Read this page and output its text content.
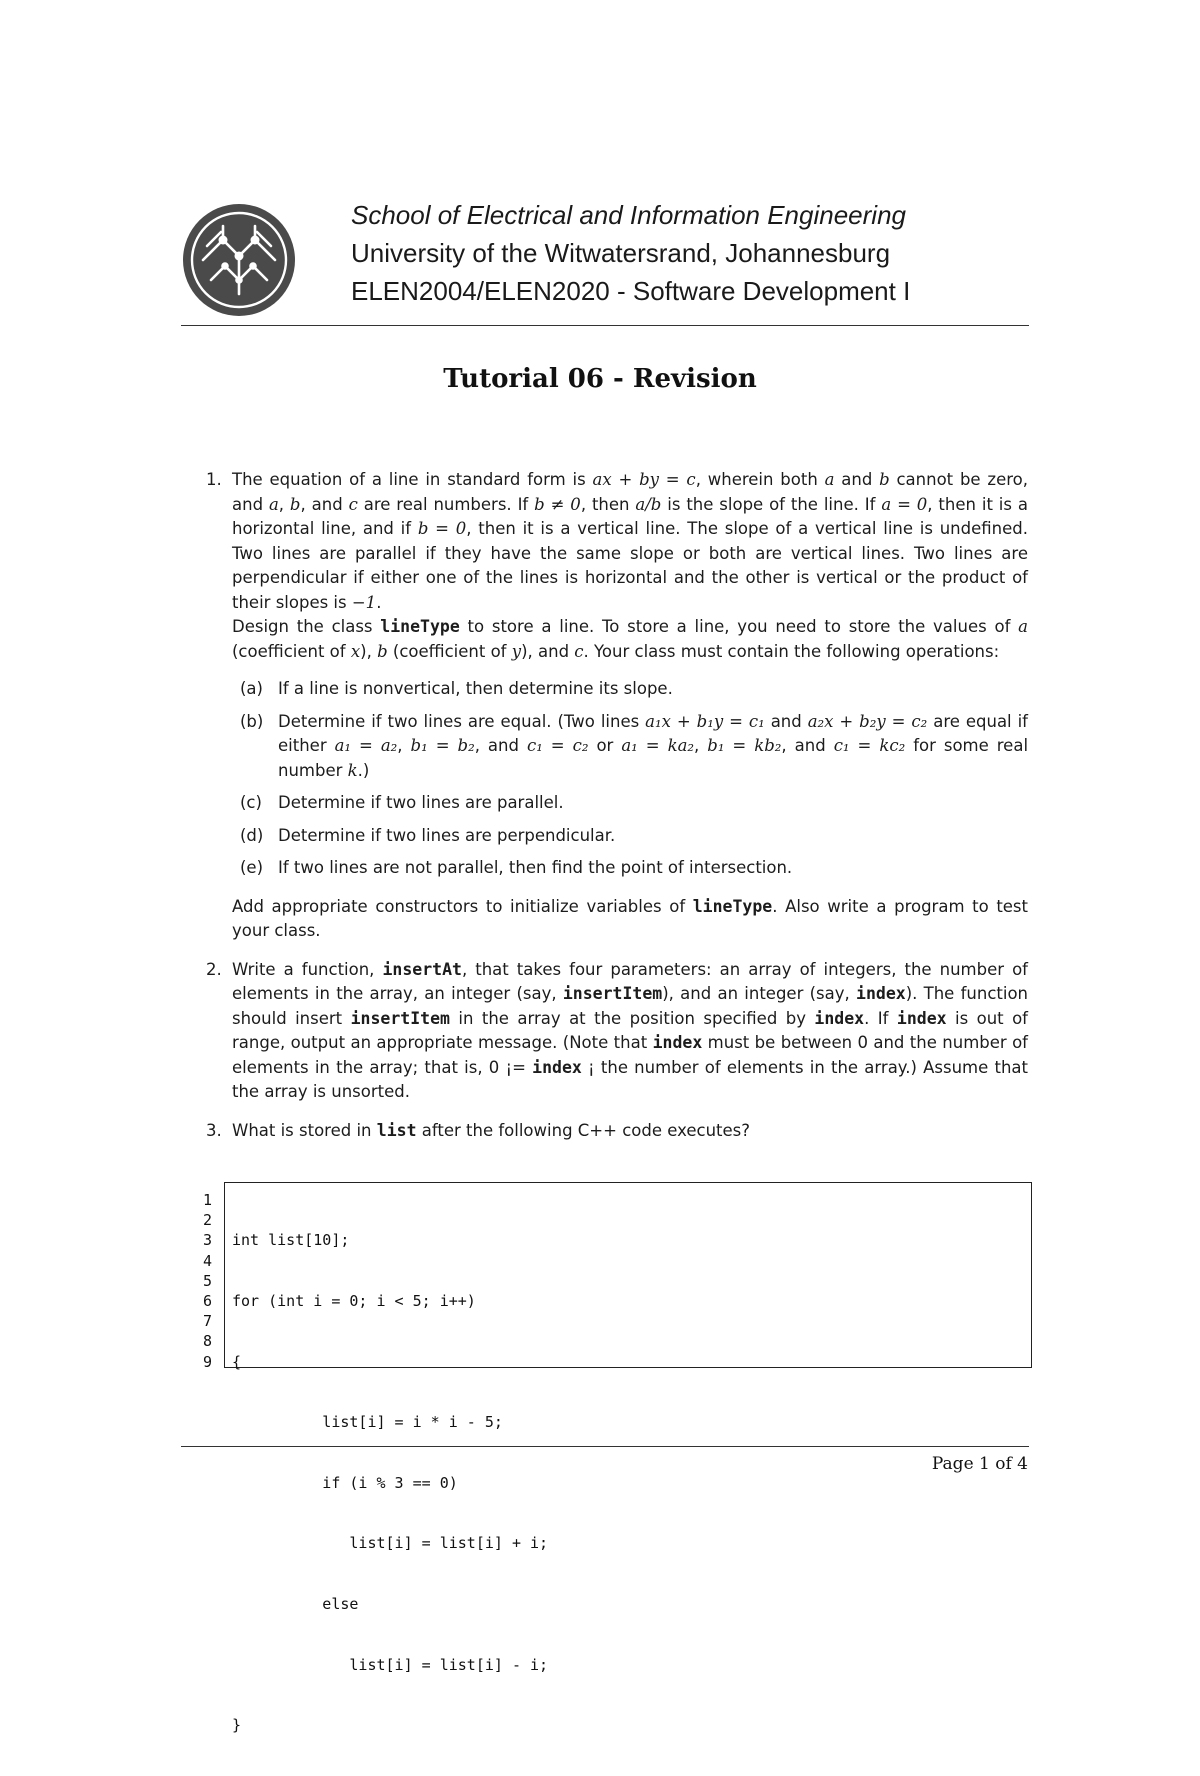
School of Electrical and Information Engineering
University of the Witwatersrand, Johannesburg
ELEN2004/ELEN2020 - Software Development I
Tutorial 06 - Revision
1. The equation of a line in standard form is ax + by = c, wherein both a and b cannot be zero, and a, b, and c are real numbers. If b ≠ 0, then a/b is the slope of the line. If a = 0, then it is a horizontal line, and if b = 0, then it is a vertical line. The slope of a vertical line is undefined. Two lines are parallel if they have the same slope or both are vertical lines. Two lines are perpendicular if either one of the lines is horizontal and the other is vertical or the product of their slopes is −1.

Design the class lineType to store a line. To store a line, you need to store the values of a (coefficient of x), b (coefficient of y), and c. Your class must contain the following operations:

(a) If a line is nonvertical, then determine its slope.
(b) Determine if two lines are equal. (Two lines a₁x + b₁y = c₁ and a₂x + b₂y = c₂ are equal if either a₁ = a₂, b₁ = b₂, and c₁ = c₂ or a₁ = ka₂, b₁ = kb₂, and c₁ = kc₂ for some real number k.)
(c) Determine if two lines are parallel.
(d) Determine if two lines are perpendicular.
(e) If two lines are not parallel, then find the point of intersection.

Add appropriate constructors to initialize variables of lineType. Also write a program to test your class.

2. Write a function, insertAt, that takes four parameters: an array of integers, the number of elements in the array, an integer (say, insertItem), and an integer (say, index). The function should insert insertItem in the array at the position specified by index. If index is out of range, output an appropriate message. (Note that index must be between 0 and the number of elements in the array; that is, 0 ¡= index ¡ the number of elements in the array.) Assume that the array is unsorted.

3. What is stored in list after the following C++ code executes?

1
2
3
4
5
6
7
8
9

int list[10];

for (int i = 0; i < 5; i++)

{

list[i] = i * i - 5;

if (i % 3 == 0)

list[i] = list[i] + i;

else

list[i] = list[i] - i;

}

Page 1 of 4
